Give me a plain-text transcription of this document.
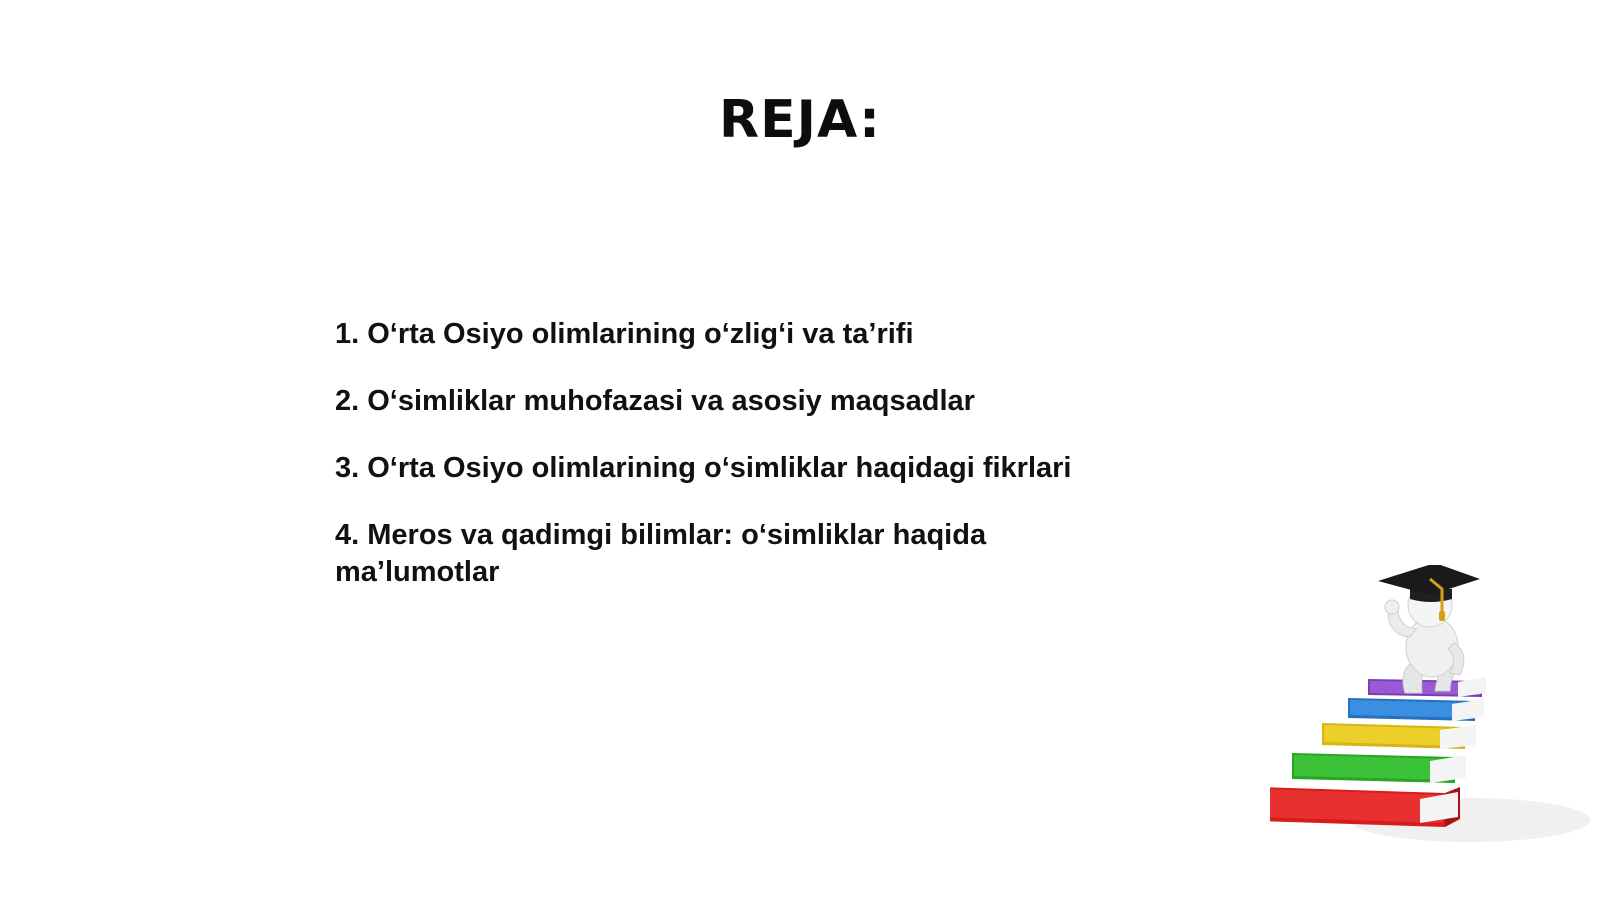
REJA:
1. O‘rta Osiyo olimlarining o‘zlig‘i va ta’rifi
2. O‘simliklar muhofazasi va asosiy maqsadlar
3. O‘rta Osiyo olimlarining o‘simliklar haqidagi fikrlari
4. Meros va qadimgi bilimlar: o‘simliklar haqida ma’lumotlar
